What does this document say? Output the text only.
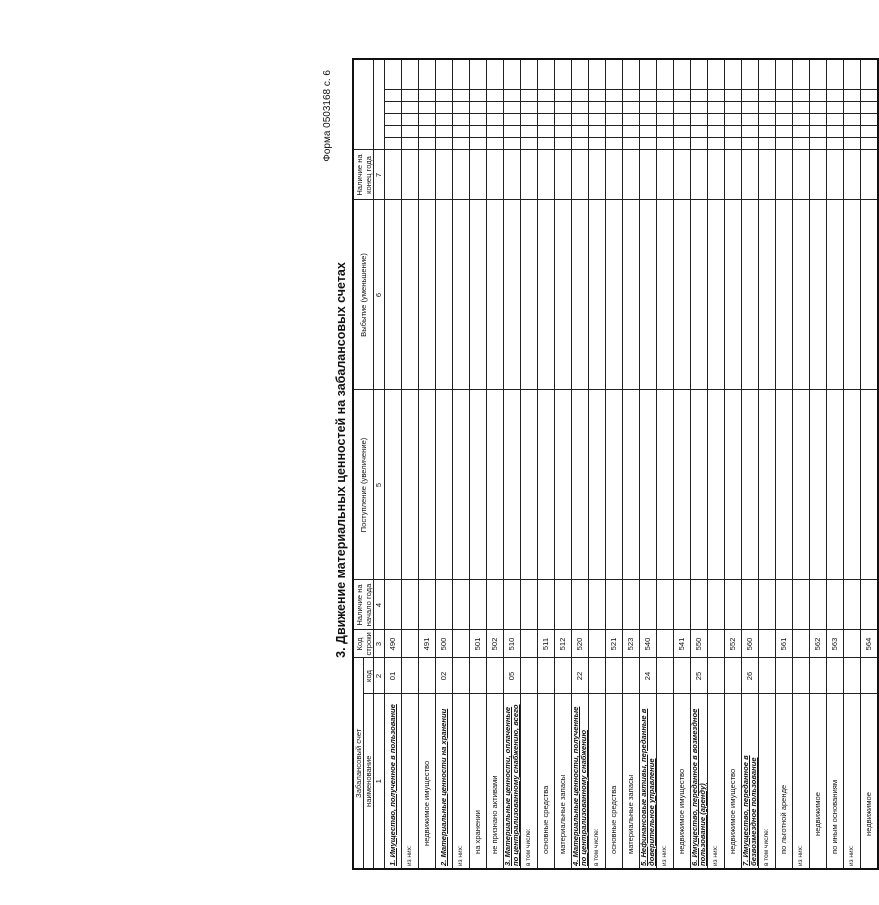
Форма 0503168 с. 6
3. Движение материальных ценностей на забалансовых счетах
Забалансовый счет		Код строки	Наличие на начало года	Поступление (увеличение)	Выбытие (уменьшение)	Наличие на конец года						
наименование	код											
1	2	3	4	5	6	7						
1. Имущество, полученное в пользование	01	490										
из них:												
недвижимое имущество		491										
2. Материальные ценности на хранении	02	500										
из них:												
на хранении		501										
не признано активами		502										
3. Материальные ценности, оплаченные по централизованному снабжению, всего	05	510										
в том числе:												
основные средства		511										
материальные запасы		512										
4. Материальные ценности, полученные по централизованному снабжению	22	520										
в том числе:												
основные средства		521										
материальные запасы		523										
5. Нефинансовые активы, переданные в доверительное управление	24	540										
из них:												
недвижимое имущество		541										
6. Имущество, переданное в возмездное пользование (аренду)	25	550										
из них:												
недвижимое имущество		552										
7. Имущество, переданное в безвозмездное пользование	26	560										
в том числе:												
по льготной аренде		561										
из них:												
недвижимое		562										
по иным основаниям		563										
из них:												
недвижимое		564										
